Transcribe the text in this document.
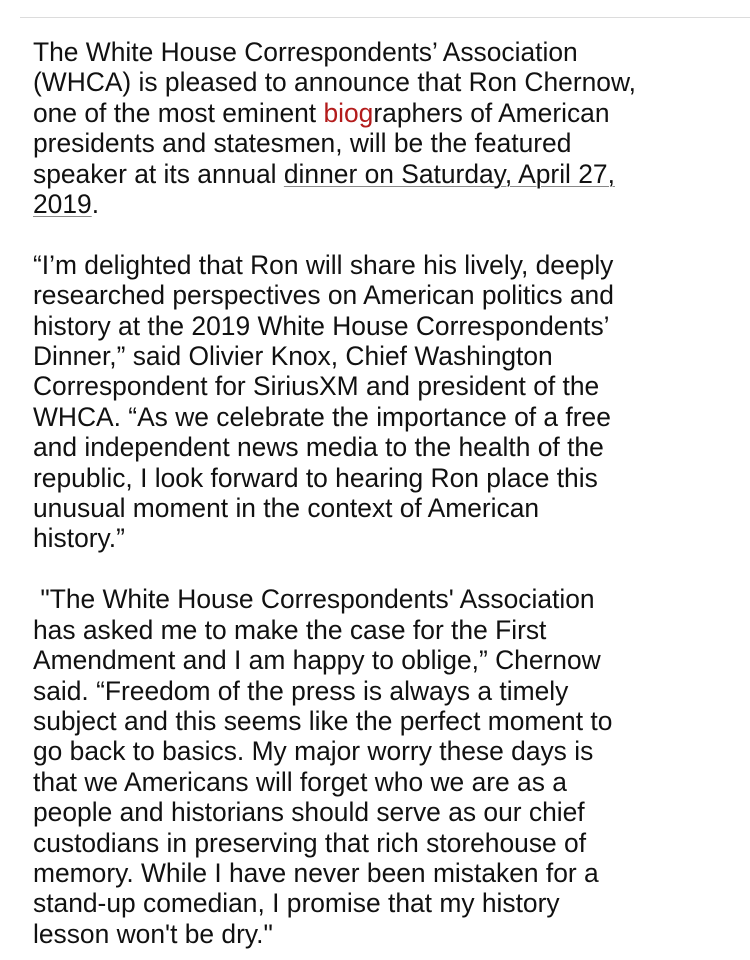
The White House Correspondents’ Association
(WHCA) is pleased to announce that Ron Chernow,
one of the most eminent biographers of American
presidents and statesmen, will be the featured
speaker at its annual dinner on Saturday, April 27,
2019.
“I’m delighted that Ron will share his lively, deeply
researched perspectives on American politics and
history at the 2019 White House Correspondents’
Dinner,” said Olivier Knox, Chief Washington
Correspondent for SiriusXM and president of the
WHCA. “As we celebrate the importance of a free
and independent news media to the health of the
republic, I look forward to hearing Ron place this
unusual moment in the context of American
history.”
"The White House Correspondents' Association
has asked me to make the case for the First
Amendment and I am happy to oblige,” Chernow
said. “Freedom of the press is always a timely
subject and this seems like the perfect moment to
go back to basics. My major worry these days is
that we Americans will forget who we are as a
people and historians should serve as our chief
custodians in preserving that rich storehouse of
memory. While I have never been mistaken for a
stand-up comedian, I promise that my history
lesson won't be dry."
